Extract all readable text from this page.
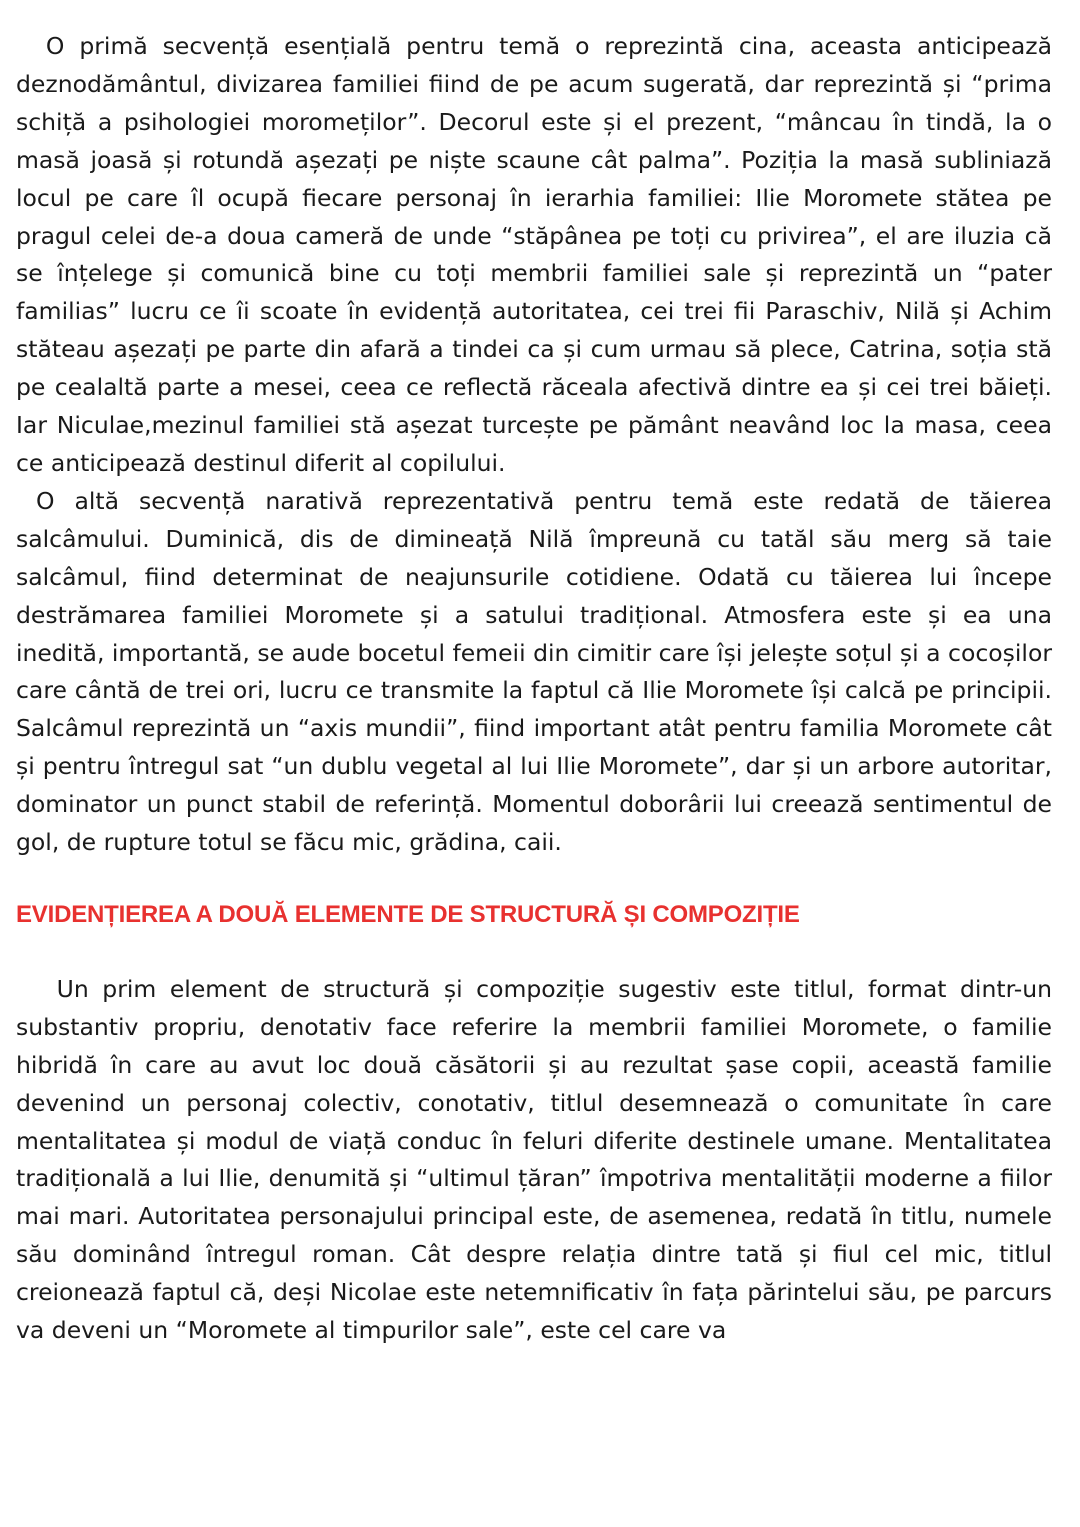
O primă secvență esențială pentru temă o reprezintă cina, aceasta anticipează deznodământul, divizarea familiei fiind de pe acum sugerată, dar reprezintă și “prima schiță a psihologiei moromeților”. Decorul este și el prezent, “mâncau în tindă, la o masă joasă și rotundă așezați pe niște scaune cât palma”. Poziția la masă subliniază locul pe care îl ocupă fiecare personaj în ierarhia familiei: Ilie Moromete stătea pe pragul celei de-a doua cameră de unde “stăpânea pe toți cu privirea”, el are iluzia că se înțelege și comunică bine cu toți membrii familiei sale și reprezintă un “pater familias” lucru ce îi scoate în evidență autoritatea, cei trei fii Paraschiv, Nilă și Achim stăteau așezați pe parte din afară a tindei ca și cum urmau să plece, Catrina, soția stă pe cealaltă parte a mesei, ceea ce reflectă răceala afectivă dintre ea și cei trei băieți. Iar Niculae,mezinul familiei stă așezat turcește pe pământ neavând loc la masa, ceea ce anticipează destinul diferit al copilului.

O altă secvență narativă reprezentativă pentru temă este redată de tăierea salcâmului. Duminică, dis de dimineață Nilă împreună cu tatăl său merg să taie salcâmul, fiind determinat de neajunsurile cotidiene. Odată cu tăierea lui începe destrămarea familiei Moromete și a satului tradițional. Atmosfera este și ea una inedită, importantă, se aude bocetul femeii din cimitir care își jelește soțul și a cocoșilor care cântă de trei ori, lucru ce transmite la faptul că Ilie Moromete își calcă pe principii. Salcâmul reprezintă un “axis mundii”, fiind important atât pentru familia Moromete cât și pentru întregul sat “un dublu vegetal al lui Ilie Moromete”, dar și un arbore autoritar, dominator un punct stabil de referință. Momentul doborârii lui creează sentimentul de gol, de rupture totul se făcu mic, grădina, caii.

EVIDENȚIEREA A DOUĂ ELEMENTE DE STRUCTURĂ ȘI COMPOZIȚIE

Un prim element de structură și compoziție sugestiv este titlul, format dintr-un substantiv propriu, denotativ face referire la membrii familiei Moromete, o familie hibridă în care au avut loc două căsătorii și au rezultat șase copii, această familie devenind un personaj colectiv, conotativ, titlul desemnează o comunitate în care mentalitatea și modul de viață conduc în feluri diferite destinele umane. Mentalitatea tradițională a lui Ilie, denumită și “ultimul țăran” împotriva mentalității moderne a fiilor mai mari. Autoritatea personajului principal este, de asemenea, redată în titlu, numele său dominând întregul roman. Cât despre relația dintre tată și fiul cel mic, titlul creionează faptul că, deși Nicolae este netemnificativ în fața părintelui său, pe parcurs va deveni un “Moromete al timpurilor sale”, este cel care va
